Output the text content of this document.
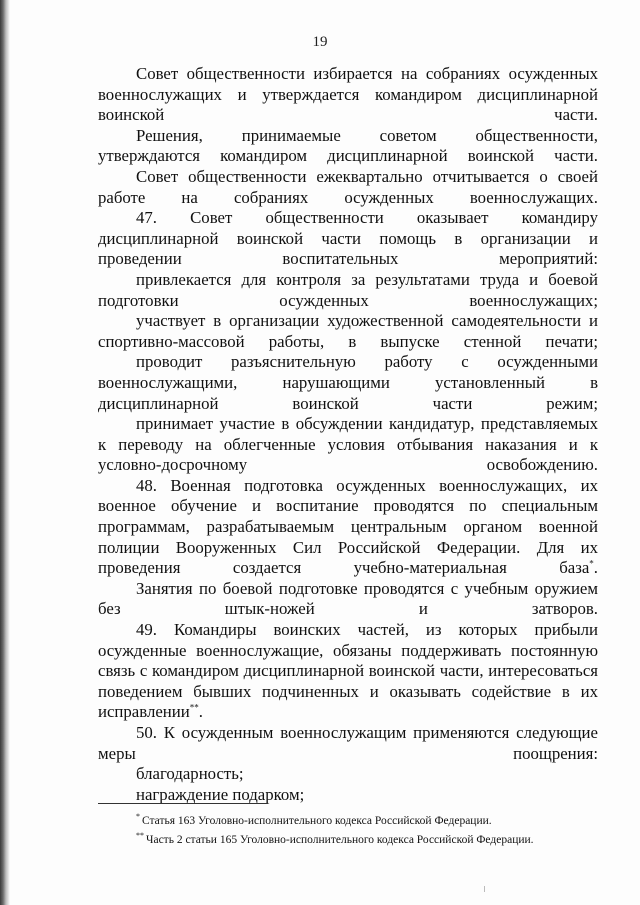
19

Совет общественности избирается на собраниях осужденных военнослужащих и утверждается командиром дисциплинарной воинской части.

Решения, принимаемые советом общественности, утверждаются командиром дисциплинарной воинской части.

Совет общественности ежеквартально отчитывается о своей работе на собраниях осужденных военнослужащих.

47. Совет общественности оказывает командиру дисциплинарной воинской части помощь в организации и проведении воспитательных мероприятий:

привлекается для контроля за результатами труда и боевой подготовки осужденных военнослужащих;

участвует в организации художественной самодеятельности и спортивно-массовой работы, в выпуске стенной печати;

проводит разъяснительную работу с осужденными военнослужащими, нарушающими установленный в дисциплинарной воинской части режим;

принимает участие в обсуждении кандидатур, представляемых к переводу на облегченные условия отбывания наказания и к условно-досрочному освобождению.

48. Военная подготовка осужденных военнослужащих, их военное обучение и воспитание проводятся по специальным программам, разрабатываемым центральным органом военной полиции Вооруженных Сил Российской Федерации. Для их проведения создается учебно-материальная база*.

Занятия по боевой подготовке проводятся с учебным оружием без штык-ножей и затворов.

49. Командиры воинских частей, из которых прибыли осужденные военнослужащие, обязаны поддерживать постоянную связь с командиром дисциплинарной воинской части, интересоваться поведением бывших подчиненных и оказывать содействие в их исправлении**.

50. К осужденным военнослужащим применяются следующие меры поощрения:

благодарность;

награждение подарком;

* Статья 163 Уголовно-исполнительного кодекса Российской Федерации.
** Часть 2 статьи 165 Уголовно-исполнительного кодекса Российской Федерации.
